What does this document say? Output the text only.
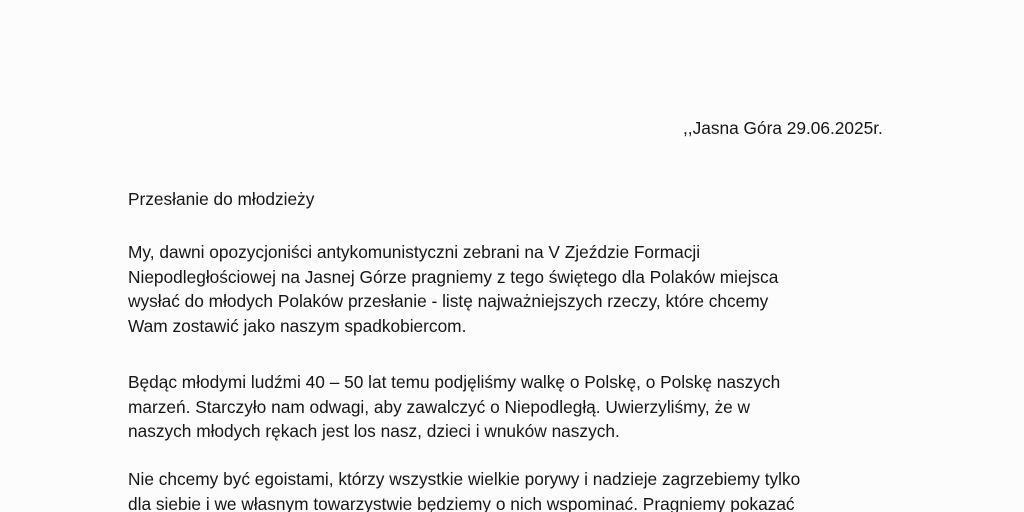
,,Jasna Góra 29.06.2025r.
Przesłanie do młodzieży
My, dawni opozycjoniści antykomunistyczni zebrani na V Zjeździe Formacji
Niepodległościowej na Jasnej Górze pragniemy z tego świętego dla Polaków miejsca
wysłać do młodych Polaków przesłanie - listę najważniejszych rzeczy, które chcemy
Wam zostawić jako naszym spadkobiercom.
Będąc młodymi ludźmi 40 – 50 lat temu podjęliśmy walkę o Polskę, o Polskę naszych
marzeń. Starczyło nam odwagi, aby zawalczyć o Niepodległą. Uwierzyliśmy, że w
naszych młodych rękach jest los nasz, dzieci i wnuków naszych.
Nie chcemy być egoistami, którzy wszystkie wielkie porywy i nadzieje zagrzebiemy tylko
dla siebie i we własnym towarzystwie będziemy o nich wspominać. Pragniemy pokazać
